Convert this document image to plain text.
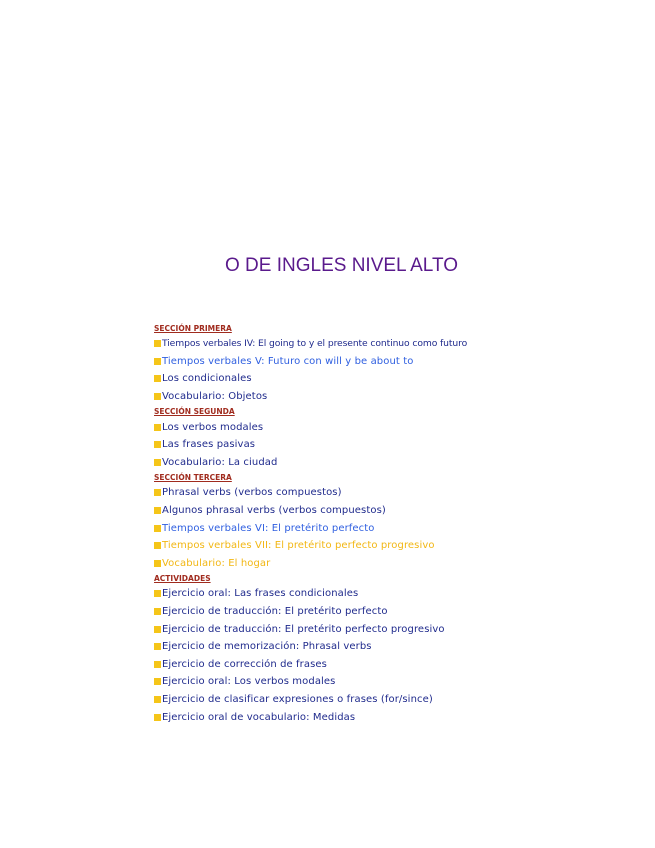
O DE INGLES NIVEL ALTO
SECCIÓN PRIMERA
Tiempos verbales IV: El going to y el presente continuo como futuro
Tiempos verbales V: Futuro con will y be about to
Los condicionales
Vocabulario: Objetos
SECCIÓN SEGUNDA
Los verbos modales
Las frases pasivas
Vocabulario: La ciudad
SECCIÓN TERCERA
Phrasal verbs (verbos compuestos)
Algunos phrasal verbs (verbos compuestos)
Tiempos verbales VI: El pretérito perfecto
Tiempos verbales VII: El pretérito perfecto progresivo
Vocabulario: El hogar
ACTIVIDADES
Ejercicio oral: Las frases condicionales
Ejercicio de traducción: El pretérito perfecto
Ejercicio de traducción: El pretérito perfecto progresivo
Ejercicio de memorización: Phrasal verbs
Ejercicio de corrección de frases
Ejercicio oral: Los verbos modales
Ejercicio de clasificar expresiones o frases (for/since)
Ejercicio oral de vocabulario: Medidas
